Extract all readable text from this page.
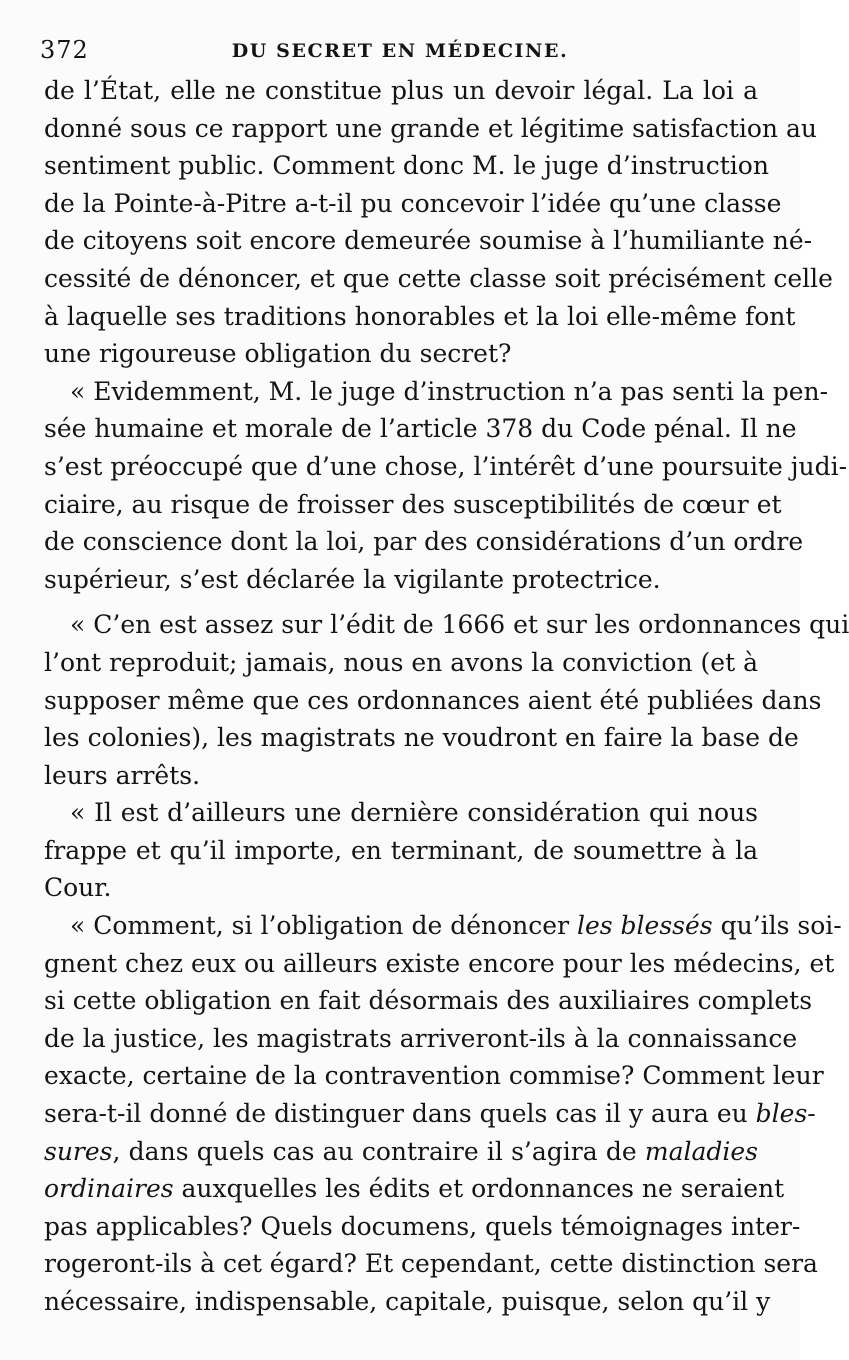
372	DU SECRET EN MÉDECINE.
de l’État, elle ne constitue plus un devoir légal. La loi a
donné sous ce rapport une grande et légitime satisfaction au
sentiment public. Comment donc M. le juge d’instruction
de la Pointe-à-Pitre a-t-il pu concevoir l’idée qu’une classe
de citoyens soit encore demeurée soumise à l’humiliante né-
cessité de dénoncer, et que cette classe soit précisément celle
à laquelle ses traditions honorables et la loi elle-même font
une rigoureuse obligation du secret?
« Evidemment, M. le juge d’instruction n’a pas senti la pen-
sée humaine et morale de l’article 378 du Code pénal. Il ne
s’est préoccupé que d’une chose, l’intérêt d’une poursuite judi-
ciaire, au risque de froisser des susceptibilités de cœur et
de conscience dont la loi, par des considérations d’un ordre
supérieur, s’est déclarée la vigilante protectrice.
« C’en est assez sur l’édit de 1666 et sur les ordonnances qui
l’ont reproduit; jamais, nous en avons la conviction (et à
supposer même que ces ordonnances aient été publiées dans
les colonies), les magistrats ne voudront en faire la base de
leurs arrêts.
« Il est d’ailleurs une dernière considération qui nous
frappe et qu’il importe, en terminant, de soumettre à la
Cour.
« Comment, si l’obligation de dénoncer les blessés qu’ils soi-
gnent chez eux ou ailleurs existe encore pour les médecins, et
si cette obligation en fait désormais des auxiliaires complets
de la justice, les magistrats arriveront-ils à la connaissance
exacte, certaine de la contravention commise? Comment leur
sera-t-il donné de distinguer dans quels cas il y aura eu bles-
sures, dans quels cas au contraire il s’agira de maladies
ordinaires auxquelles les édits et ordonnances ne seraient
pas applicables? Quels documens, quels témoignages inter-
rogeront-ils à cet égard? Et cependant, cette distinction sera
nécessaire, indispensable, capitale, puisque, selon qu’il y
